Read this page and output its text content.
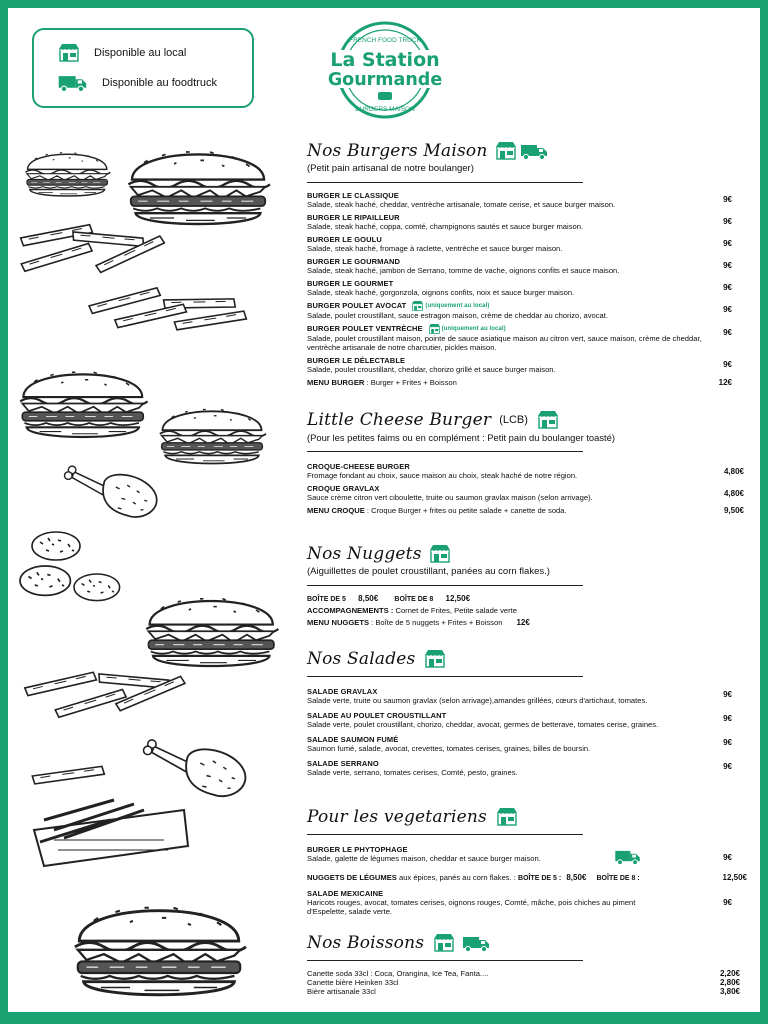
Disponible au local
Disponible au foodtruck
FRENCH FOOD TRUCK
La Station
Gourmande
BURGERS MAISON
Nos Burgers Maison
(Petit pain artisanal de notre boulanger)
BURGER LE CLASSIQUE
Salade, steak haché, cheddar, ventrèche artisanale, tomate cerise, et sauce burger maison.
9€
BURGER LE RIPAILLEUR
Salade, steak haché, coppa, comté, champignons sautés et sauce burger maison.
9€
BURGER LE GOULU
Salade, steak haché, fromage à raclette, ventrèche et sauce burger maison.
9€
BURGER LE GOURMAND
Salade, steak haché, jambon de Serrano, tomme de vache, oignons confits et sauce maison.
9€
BURGER LE GOURMET
Salade, steak haché, gorgonzola, oignons confits, noix et sauce burger maison.
9€
BURGER POULET AVOCAT	(uniquement au local)
Salade, poulet croustillant, sauce estragon maison, crème de cheddar au chorizo, avocat.
9€
BURGER POULET VENTRÈCHE	(uniquement au local)
Salade, poulet croustillant maison, pointe de sauce asiatique maison au citron vert, sauce maison, crème de cheddar, ventrèche artisanale de notre charcutier, pickles maison.
9€
BURGER LE DÉLECTABLE
Salade, poulet croustillant, cheddar, chorizo grillé et sauce burger maison.
9€
MENU BURGER : Burger + Frites + Boisson	12€
Little Cheese Burger (LCB)
(Pour les petites faims ou en complément : Petit pain du boulanger toasté)
CROQUE-CHEESE BURGER
Fromage fondant au choix, sauce maison au choix, steak haché de notre région.	4,80€
CROQUE GRAVLAX
Sauce crème citron vert ciboulette, truite ou saumon gravlax maison (selon arrivage).	4,80€
MENU CROQUE : Croque Burger + frites ou petite salade + canette de soda.	9,50€
Nos Nuggets
(Aiguillettes de poulet croustillant, panées au corn flakes.)
BOÎTE DE 5 8,50€ BOÎTE DE 8 12,50€
ACCOMPAGNEMENTS : Cornet de Frites, Petite salade verte
MENU NUGGETS : Boîte de 5 nuggets + Frites + Boisson 12€
Nos Salades
SALADE GRAVLAX
Salade verte, truite ou saumon gravlax (selon arrivage),amandes grillées, cœurs d'artichaut, tomates.
9€
SALADE AU POULET CROUSTILLANT
Salade verte, poulet croustillant, chorizo, cheddar, avocat, germes de betterave, tomates cerise, graines.
9€
SALADE SAUMON FUMÉ
Saumon fumé, salade, avocat, crevettes, tomates cerises, graines, billes de boursin.
9€
SALADE SERRANO
Salade verte, serrano, tomates cerises, Comté, pesto, graines.
9€
Pour les vegetariens
BURGER LE PHYTOPHAGE
Salade, galette de légumes maison, cheddar et sauce burger maison.	9€
NUGGETS DE LÉGUMES aux épices, panés au corn flakes. : BOÎTE DE 5 : 8,50€ BOÎTE DE 8 :	12,50€
SALADE MEXICAINE
Haricots rouges, avocat, tomates cerises, oignons rouges, Comté, mâche, pois chiches au piment d'Espelette, salade verte.
9€
Nos Boissons
Canette soda 33cl : Coca, Orangina, Ice Tea, Fanta....	2,20€
Canette bière Heinken 33cl	2,80€
Bière artisanale 33cl	3,80€
